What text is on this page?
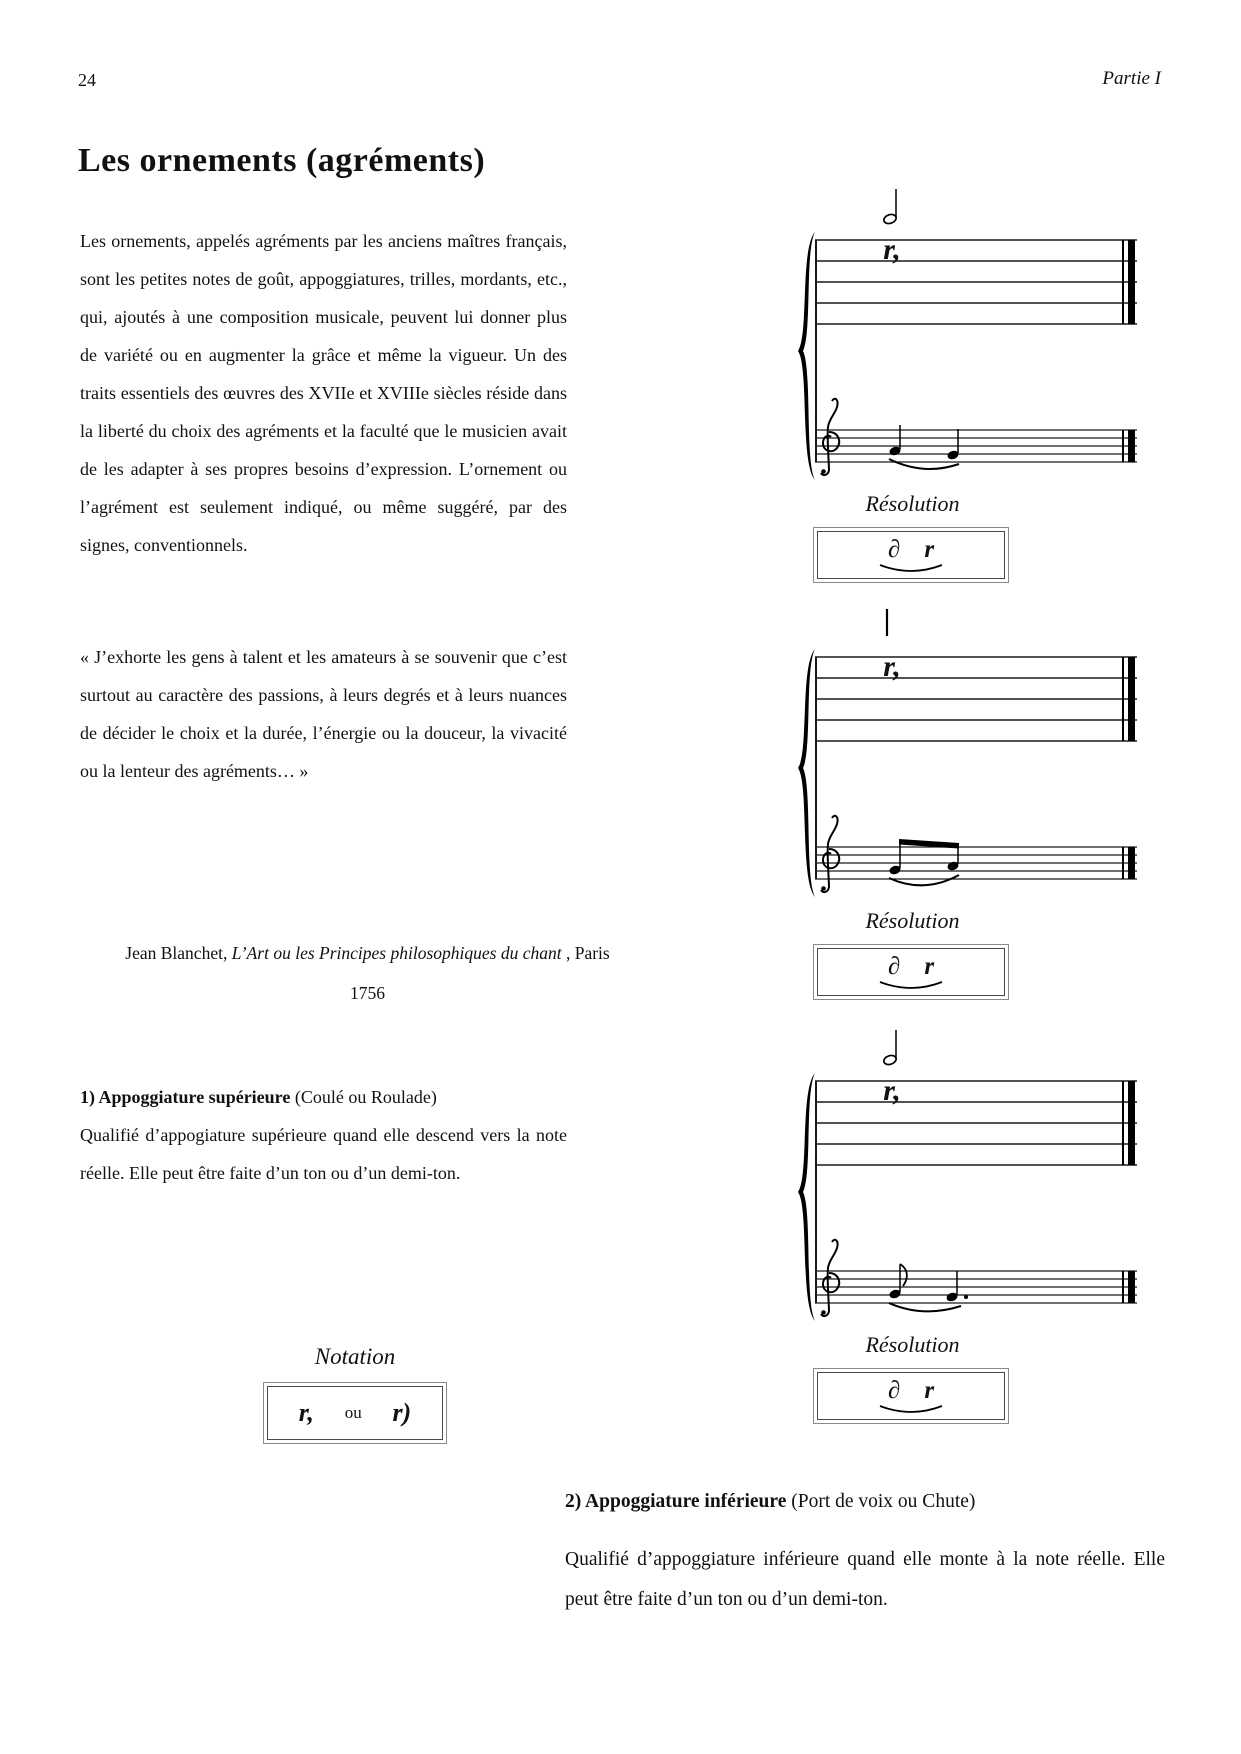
24	Partie I
Les ornements (agréments)

Les ornements, appelés agréments par les anciens maîtres français, sont les petites notes de goût, appoggiatures, trilles, mordants, etc., qui, ajoutés à une composition musicale, peuvent lui donner plus de variété ou en augmenter la grâce et même la vigueur. Un des traits essentiels des œuvres des XVIIe et XVIIIe siècles réside dans la liberté du choix des agréments et la faculté que le musicien avait de les adapter à ses propres besoins d’expression. L’ornement ou l’agrément est seulement indiqué, ou même suggéré, par des signes, conventionnels.

« J’exhorte les gens à talent et les amateurs à se souvenir que c’est surtout au caractère des passions, à leurs degrés et à leurs nuances de décider le choix et la durée, l’énergie ou la douceur, la vivacité ou la lenteur des agréments… »

Jean Blanchet, L’Art ou les Principes philosophiques du chant , Paris 1756

1) Appoggiature supérieure (Coulé ou Roulade)

Qualifié d’appogiature supérieure quand elle descend vers la note réelle. Elle peut être faite d’un ton ou d’un demi-ton.

Notation
r, ou r)
r,
Résolution
∂ r
r,
Résolution
∂ r
r,
Résolution
∂ r

2) Appoggiature inférieure (Port de voix ou Chute)

Qualifié d’appoggiature inférieure quand elle monte à la note réelle. Elle peut être faite d’un ton ou d’un demi-ton.
